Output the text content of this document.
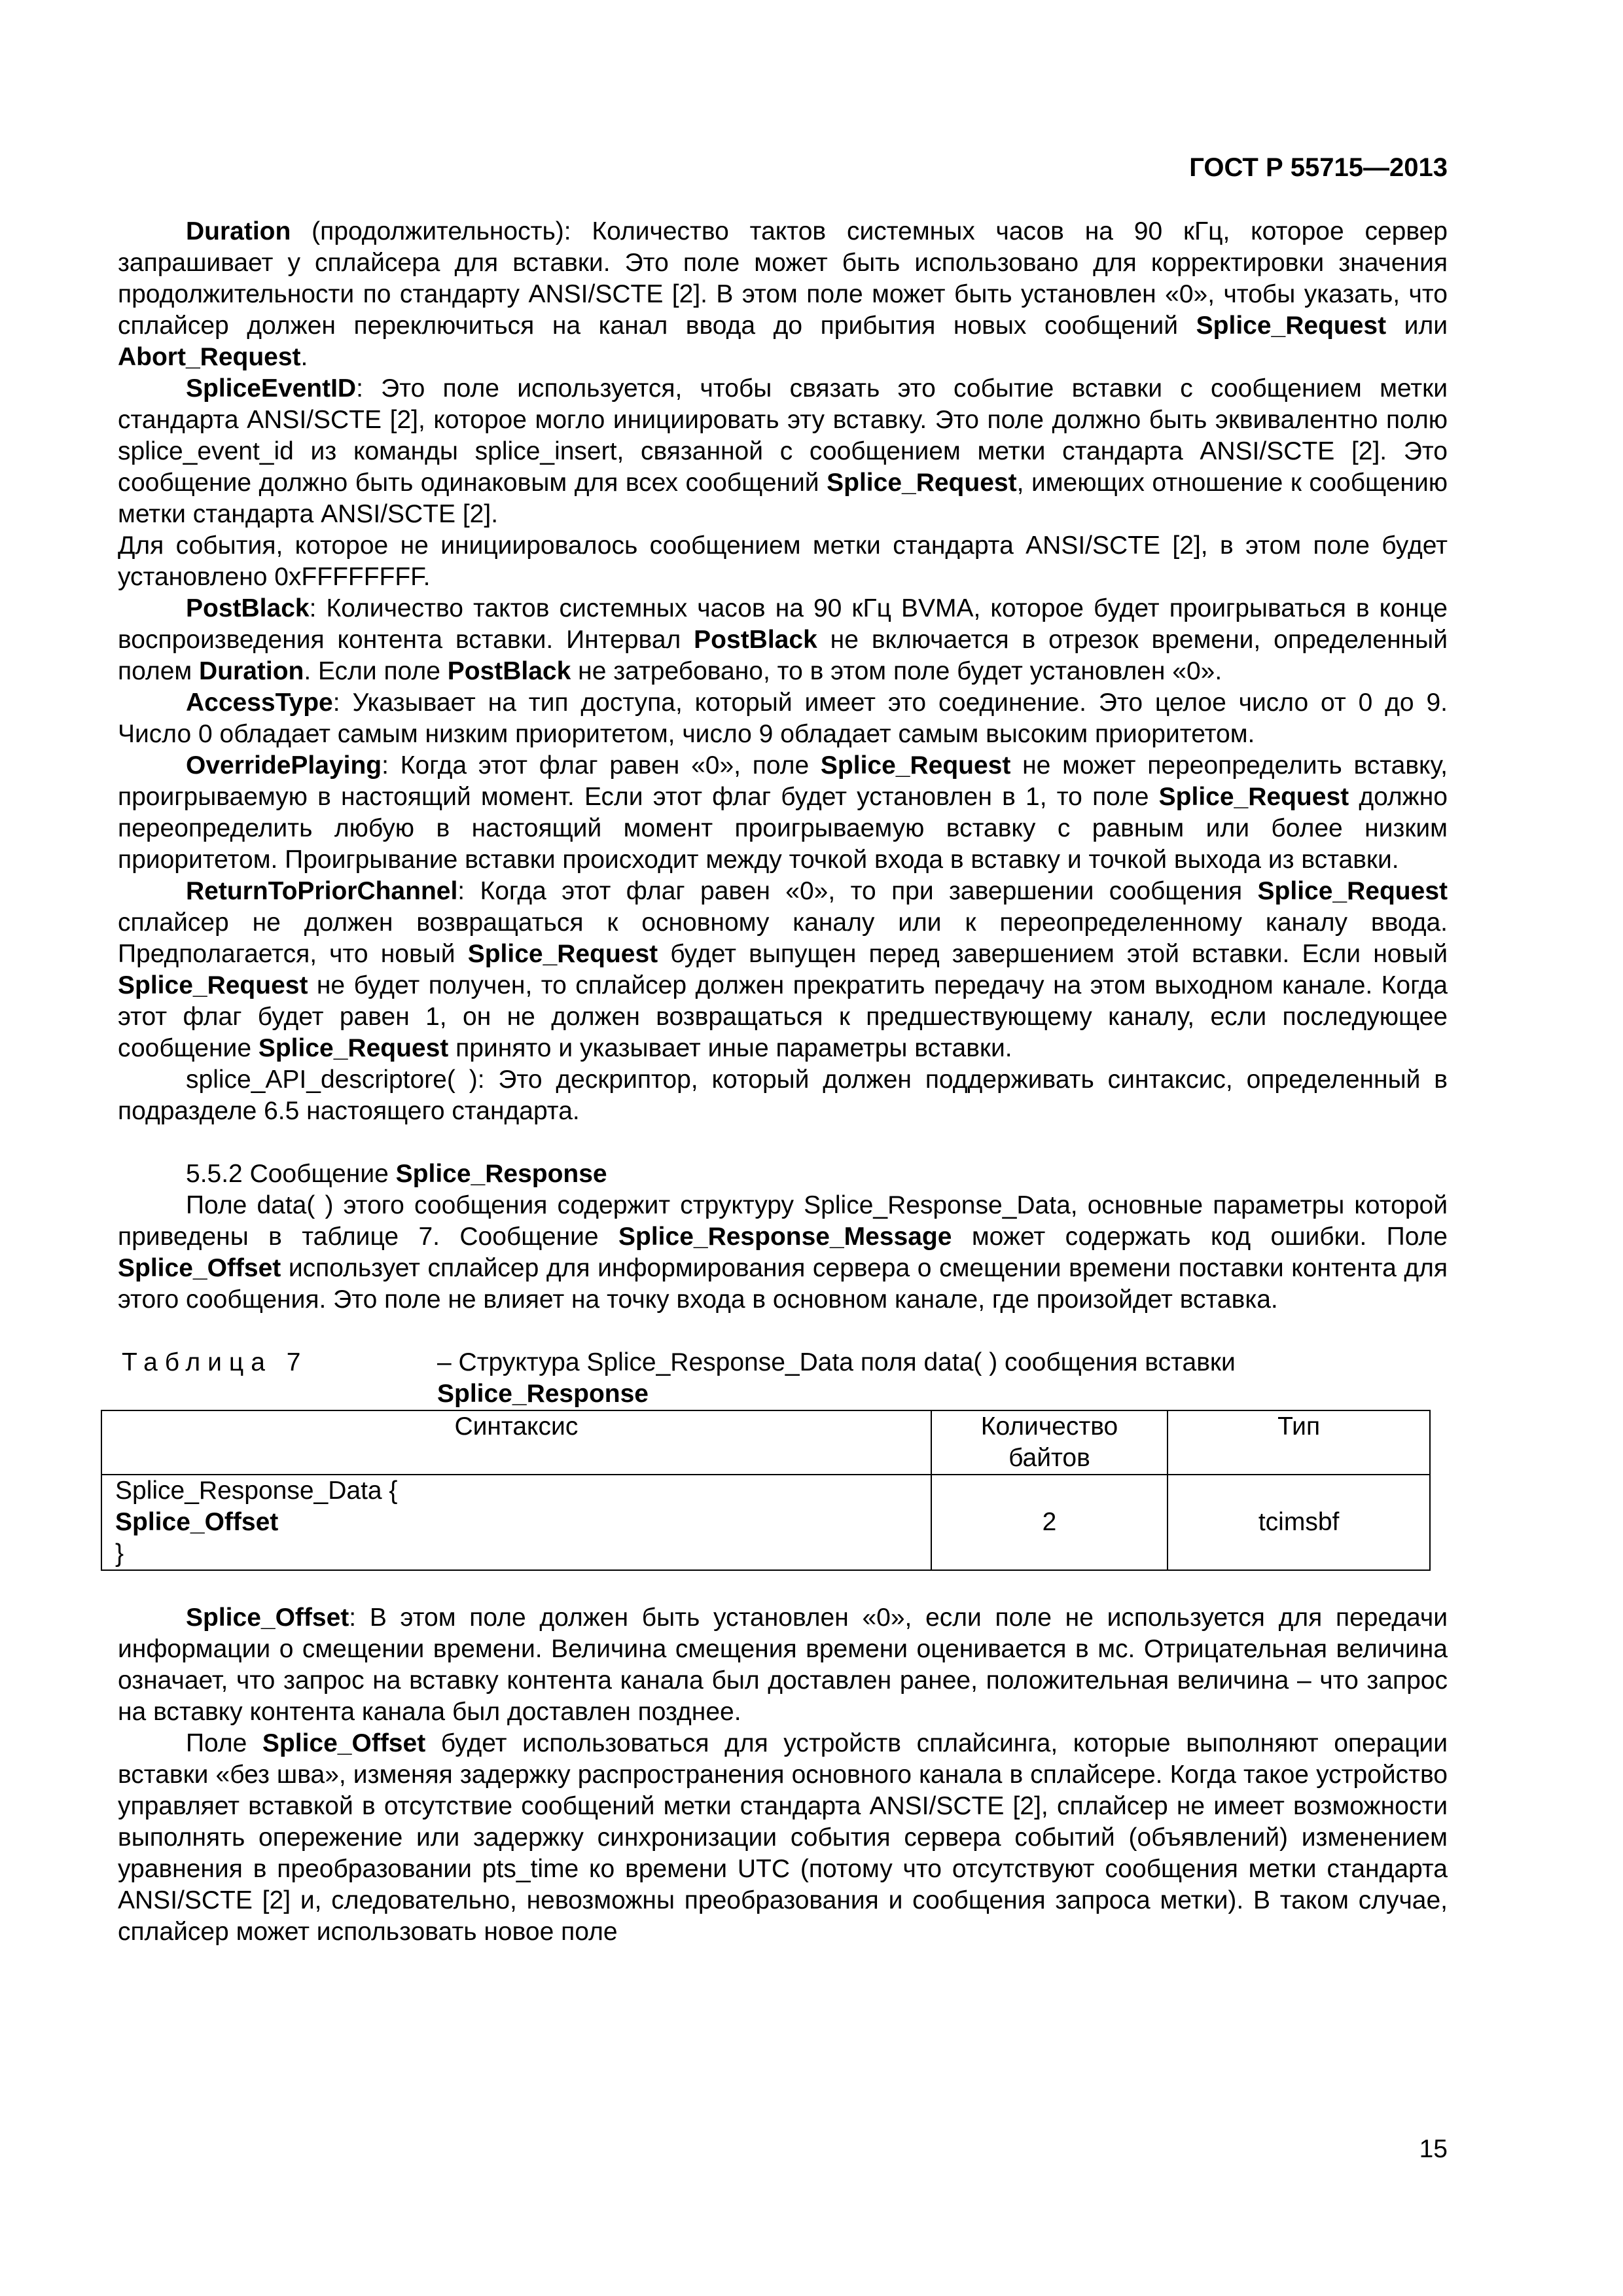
ГОСТ Р 55715—2013

Duration (продолжительность): Количество тактов системных часов на 90 кГц, которое сервер запрашивает у сплайсера для вставки. Это поле может быть использовано для корректировки значения продолжительности по стандарту ANSI/SCTE [2]. В этом поле может быть установлен «0», чтобы указать, что сплайсер должен переключиться на канал ввода до прибытия новых сообщений Splice_Request или Abort_Request.

SpliceEventID: Это поле используется, чтобы связать это событие вставки с сообщением метки стандарта ANSI/SCTE [2], которое могло инициировать эту вставку. Это поле должно быть эквивалентно полю splice_event_id из команды splice_insert, связанной с сообщением метки стандарта ANSI/SCTE [2]. Это сообщение должно быть одинаковым для всех сообщений Splice_Request, имеющих отношение к сообщению метки стандарта ANSI/SCTE [2].

Для события, которое не инициировалось сообщением метки стандарта ANSI/SCTE [2], в этом поле будет установлено 0xFFFFFFFF.

PostBlack: Количество тактов системных часов на 90 кГц BVMA, которое будет проигрываться в конце воспроизведения контента вставки. Интервал PostBlack не включается в отрезок времени, определенный полем Duration. Если поле PostBlack не затребовано, то в этом поле будет установлен «0».

AccessType: Указывает на тип доступа, который имеет это соединение. Это целое число от 0 до 9. Число 0 обладает самым низким приоритетом, число 9 обладает самым высоким приоритетом.

OverridePlaying: Когда этот флаг равен «0», поле Splice_Request не может переопределить вставку, проигрываемую в настоящий момент. Если этот флаг будет установлен в 1, то поле Splice_Request должно переопределить любую в настоящий момент проигрываемую вставку с равным или более низким приоритетом. Проигрывание вставки происходит между точкой входа в вставку и точкой выхода из вставки.

ReturnToPriorChannel: Когда этот флаг равен «0», то при завершении сообщения Splice_Request сплайсер не должен возвращаться к основному каналу или к переопределенному каналу ввода. Предполагается, что новый Splice_Request будет выпущен перед завершением этой вставки. Если новый Splice_Request не будет получен, то сплайсер должен прекратить передачу на этом выходном канале. Когда этот флаг будет равен 1, он не должен возвращаться к предшествующему каналу, если последующее сообщение Splice_Request принято и указывает иные параметры вставки.

splice_API_descriptore( ): Это дескриптор, который должен поддерживать синтаксис, определенный в подразделе 6.5 настоящего стандарта.

5.5.2 Сообщение Splice_Response

Поле data( ) этого сообщения содержит структуру Splice_Response_Data, основные параметры которой приведены в таблице 7. Сообщение Splice_Response_Message может содержать код ошибки. Поле Splice_Offset использует сплайсер для информирования сервера о смещении времени поставки контента для этого сообщения. Это поле не влияет на точку входа в основном канале, где произойдет вставка.

Таблица 7	– Структура Splice_Response_Data поля data( ) сообщения вставки
Splice_Response
Синтаксис	Количество байтов	Тип

Splice_Response_Data {
Splice_Offset
}	2	tcimsbf

Splice_Offset: В этом поле должен быть установлен «0», если поле не используется для передачи информации о смещении времени. Величина смещения времени оценивается в мс. Отрицательная величина означает, что запрос на вставку контента канала был доставлен ранее, положительная величина – что запрос на вставку контента канала был доставлен позднее.

Поле Splice_Offset будет использоваться для устройств сплайсинга, которые выполняют операции вставки «без шва», изменяя задержку распространения основного канала в сплайсере. Когда такое устройство управляет вставкой в отсутствие сообщений метки стандарта ANSI/SCTE [2], сплайсер не имеет возможности выполнять опережение или задержку синхронизации события сервера событий (объявлений) изменением уравнения в преобразовании pts_time ко времени UTC (потому что отсутствуют сообщения метки стандарта ANSI/SCTE [2] и, следовательно, невозможны преобразования и сообщения запроса метки). В таком случае, сплайсер может использовать новое поле

15
